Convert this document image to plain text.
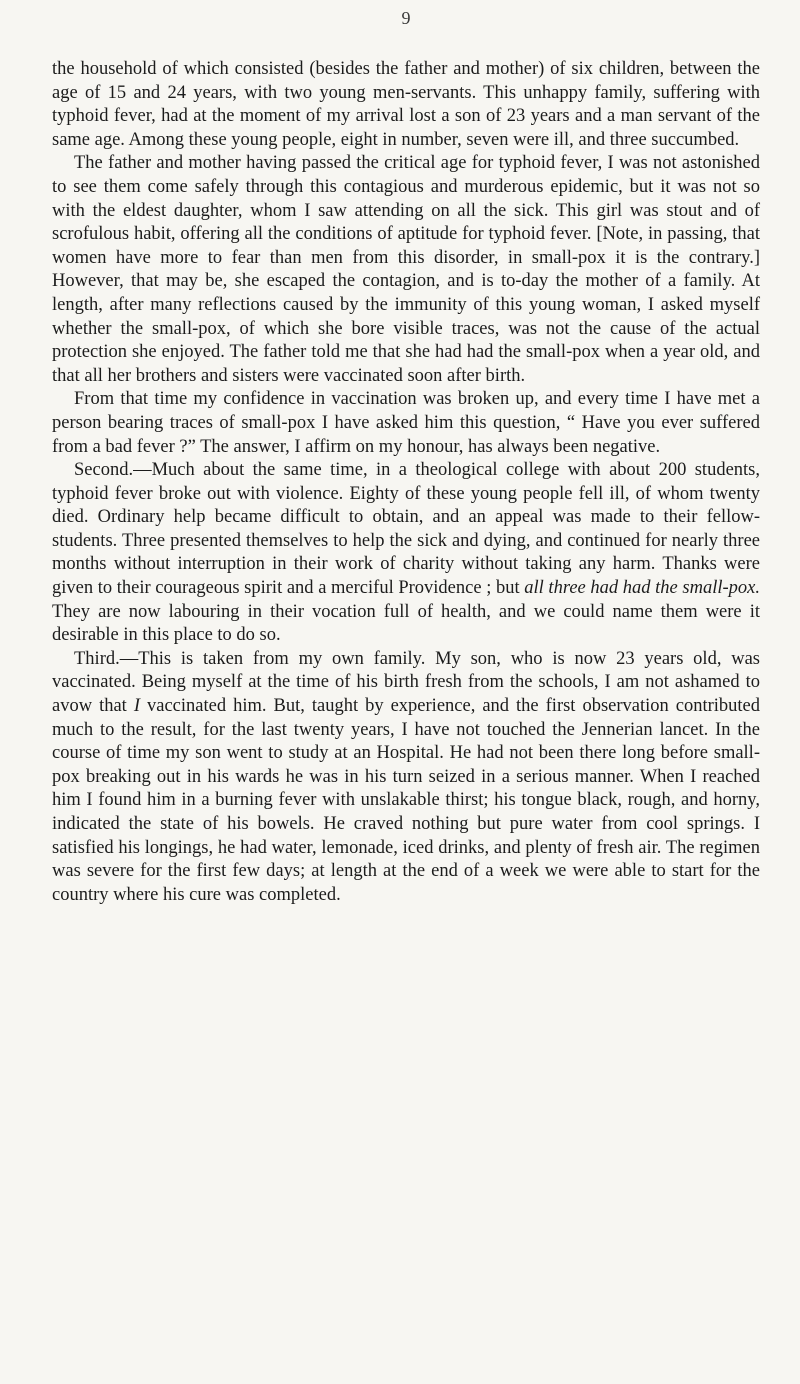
9

the household of which consisted (besides the father and mother) of six children, between the age of 15 and 24 years, with two young men-servants. This unhappy family, suffering with typhoid fever, had at the moment of my arrival lost a son of 23 years and a man servant of the same age. Among these young people, eight in number, seven were ill, and three succumbed.

The father and mother having passed the critical age for typhoid fever, I was not astonished to see them come safely through this contagious and murderous epidemic, but it was not so with the eldest daughter, whom I saw attending on all the sick. This girl was stout and of scrofulous habit, offering all the conditions of aptitude for typhoid fever. [Note, in passing, that women have more to fear than men from this disorder, in small-pox it is the contrary.] However, that may be, she escaped the contagion, and is to-day the mother of a family. At length, after many reflections caused by the immunity of this young woman, I asked myself whether the small-pox, of which she bore visible traces, was not the cause of the actual protection she enjoyed. The father told me that she had had the small-pox when a year old, and that all her brothers and sisters were vaccinated soon after birth.

From that time my confidence in vaccination was broken up, and every time I have met a person bearing traces of small-pox I have asked him this question, “ Have you ever suffered from a bad fever ?” The answer, I affirm on my honour, has always been negative.

Second.—Much about the same time, in a theological college with about 200 students, typhoid fever broke out with violence. Eighty of these young people fell ill, of whom twenty died. Ordinary help became difficult to obtain, and an appeal was made to their fellow-students. Three presented themselves to help the sick and dying, and continued for nearly three months without interruption in their work of charity without taking any harm. Thanks were given to their courageous spirit and a merciful Providence ; but all three had had the small-pox. They are now labouring in their vocation full of health, and we could name them were it desirable in this place to do so.

Third.—This is taken from my own family. My son, who is now 23 years old, was vaccinated. Being myself at the time of his birth fresh from the schools, I am not ashamed to avow that I vaccinated him. But, taught by experience, and the first observation contributed much to the result, for the last twenty years, I have not touched the Jennerian lancet. In the course of time my son went to study at an Hospital. He had not been there long before small-pox breaking out in his wards he was in his turn seized in a serious manner. When I reached him I found him in a burning fever with unslakable thirst; his tongue black, rough, and horny, indicated the state of his bowels. He craved nothing but pure water from cool springs. I satisfied his longings, he had water, lemonade, iced drinks, and plenty of fresh air. The regimen was severe for the first few days; at length at the end of a week we were able to start for the country where his cure was completed.
